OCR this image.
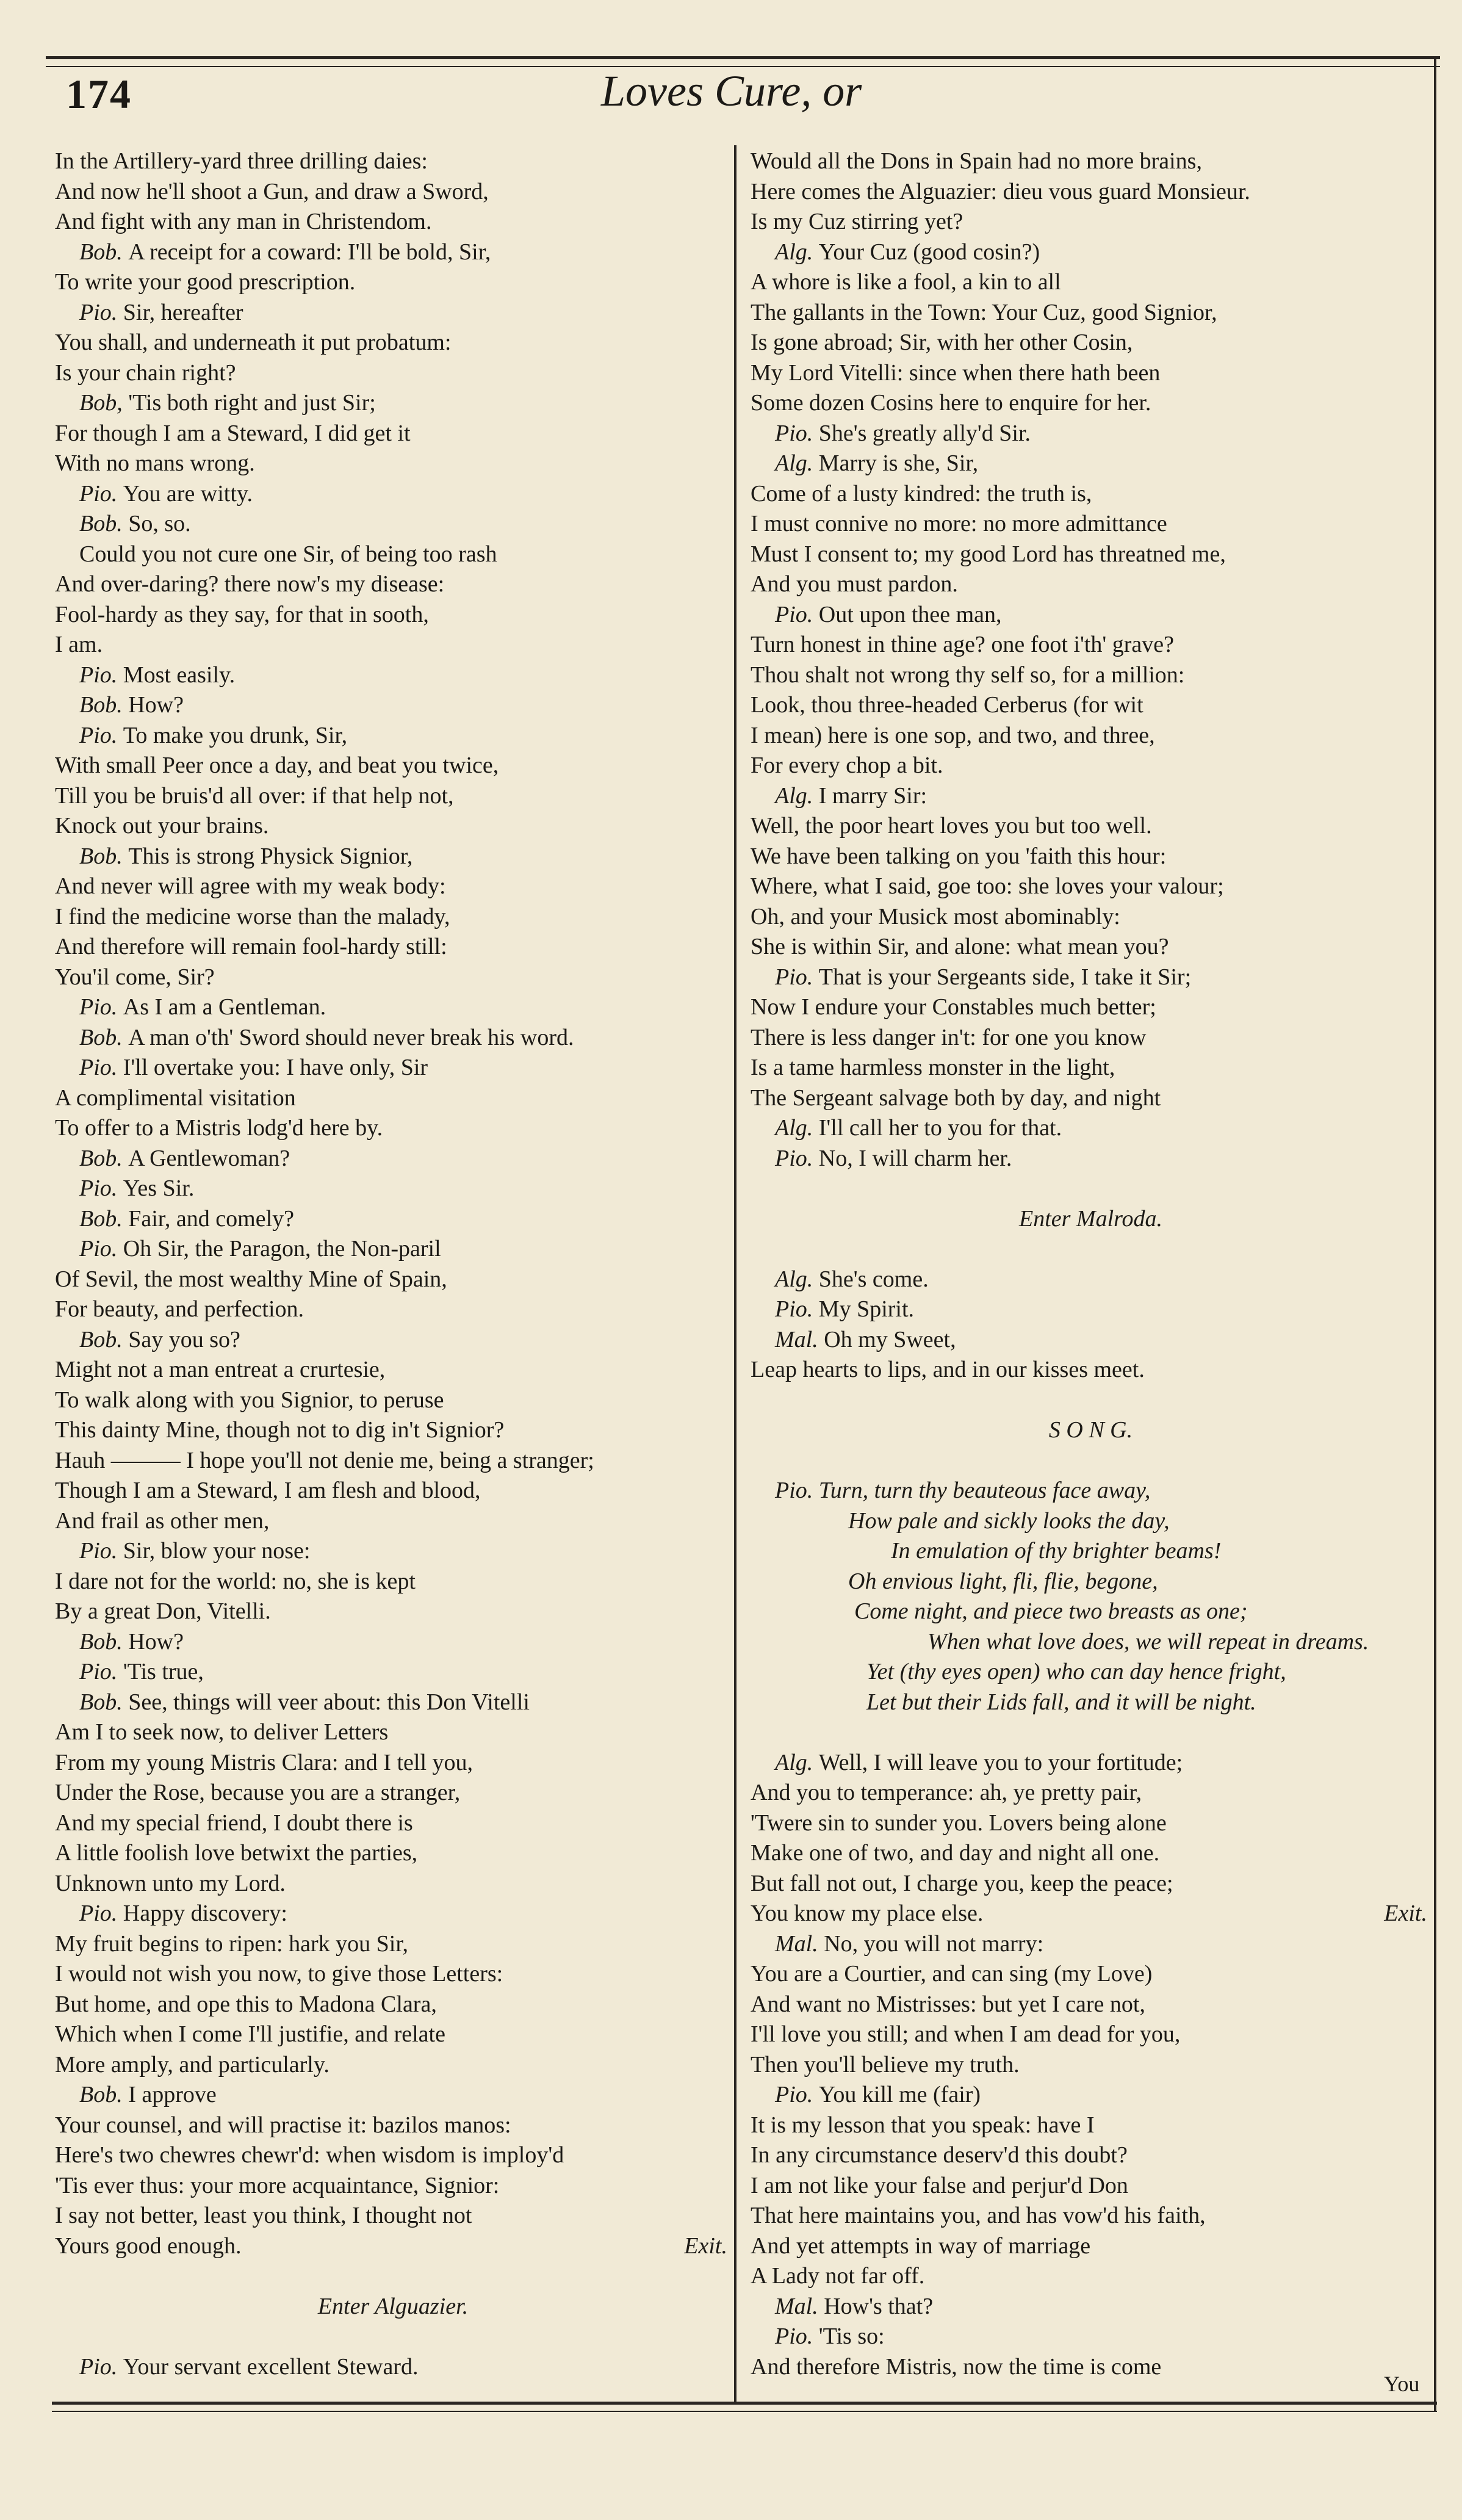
174	Loves Cure, or
In the Artillery-yard three drilling daies:
And now he'll shoot a Gun, and draw a Sword,
And fight with any man in Christendom.
Bob. A receipt for a coward: I'll be bold, Sir,
To write your good prescription.
Pio. Sir, hereafter
You shall, and underneath it put probatum:
Is your chain right?
Bob, 'Tis both right and just Sir;
For though I am a Steward, I did get it
With no mans wrong.
Pio. You are witty.
Bob. So, so.
Could you not cure one Sir, of being too rash
And over-daring? there now's my disease:
Fool-hardy as they say, for that in sooth,
I am.
Pio. Most easily.
Bob. How?
Pio. To make you drunk, Sir,
With small Peer once a day, and beat you twice,
Till you be bruis'd all over: if that help not,
Knock out your brains.
Bob. This is strong Physick Signior,
And never will agree with my weak body:
I find the medicine worse than the malady,
And therefore will remain fool-hardy still:
You'il come, Sir?
Pio. As I am a Gentleman.
Bob. A man o'th' Sword should never break his word.
Pio. I'll overtake you: I have only, Sir
A complimental visitation
To offer to a Mistris lodg'd here by.
Bob. A Gentlewoman?
Pio. Yes Sir.
Bob. Fair, and comely?
Pio. Oh Sir, the Paragon, the Non-paril
Of Sevil, the most wealthy Mine of Spain,
For beauty, and perfection.
Bob. Say you so?
Might not a man entreat a crurtesie,
To walk along with you Signior, to peruse
This dainty Mine, though not to dig in't Signior?
Hauh ——— I hope you'll not denie me, being a stranger;
Though I am a Steward, I am flesh and blood,
And frail as other men,
Pio. Sir, blow your nose:
I dare not for the world: no, she is kept
By a great Don, Vitelli.
Bob. How?
Pio. 'Tis true,
Bob. See, things will veer about: this Don Vitelli
Am I to seek now, to deliver Letters
From my young Mistris Clara: and I tell you,
Under the Rose, because you are a stranger,
And my special friend, I doubt there is
A little foolish love betwixt the parties,
Unknown unto my Lord.
Pio. Happy discovery:
My fruit begins to ripen: hark you Sir,
I would not wish you now, to give those Letters:
But home, and ope this to Madona Clara,
Which when I come I'll justifie, and relate
More amply, and particularly.
Bob. I approve
Your counsel, and will practise it: bazilos manos:
Here's two chewres chewr'd: when wisdom is imploy'd
'Tis ever thus: your more acquaintance, Signior:
I say not better, least you think, I thought not
Yours good enough.	Exit.
Enter Alguazier.
Pio. Your servant excellent Steward.
Would all the Dons in Spain had no more brains,
Here comes the Alguazier: dieu vous guard Monsieur.
Is my Cuz stirring yet?
Alg. Your Cuz (good cosin?)
A whore is like a fool, a kin to all
The gallants in the Town: Your Cuz, good Signior,
Is gone abroad; Sir, with her other Cosin,
My Lord Vitelli: since when there hath been
Some dozen Cosins here to enquire for her.
Pio. She's greatly ally'd Sir.
Alg. Marry is she, Sir,
Come of a lusty kindred: the truth is,
I must connive no more: no more admittance
Must I consent to; my good Lord has threatned me,
And you must pardon.
Pio. Out upon thee man,
Turn honest in thine age? one foot i'th' grave?
Thou shalt not wrong thy self so, for a million:
Look, thou three-headed Cerberus (for wit
I mean) here is one sop, and two, and three,
For every chop a bit.
Alg. I marry Sir:
Well, the poor heart loves you but too well.
We have been talking on you 'faith this hour:
Where, what I said, goe too: she loves your valour;
Oh, and your Musick most abominably:
She is within Sir, and alone: what mean you?
Pio. That is your Sergeants side, I take it Sir;
Now I endure your Constables much better;
There is less danger in't: for one you know
Is a tame harmless monster in the light,
The Sergeant salvage both by day, and night
Alg. I'll call her to you for that.
Pio. No, I will charm her.
Enter Malroda.
Alg. She's come.
Pio. My Spirit.
Mal. Oh my Sweet,
Leap hearts to lips, and in our kisses meet.
S O N G.
Pio. Turn, turn thy beauteous face away,
How pale and sickly looks the day,
In emulation of thy brighter beams!
Oh envious light, fli, flie, begone,
Come night, and piece two breasts as one;
When what love does, we will repeat in dreams.
Yet (thy eyes open) who can day hence fright,
Let but their Lids fall, and it will be night.
Alg. Well, I will leave you to your fortitude;
And you to temperance: ah, ye pretty pair,
'Twere sin to sunder you. Lovers being alone
Make one of two, and day and night all one.
But fall not out, I charge you, keep the peace;
You know my place else.	Exit.
Mal. No, you will not marry:
You are a Courtier, and can sing (my Love)
And want no Mistrisses: but yet I care not,
I'll love you still; and when I am dead for you,
Then you'll believe my truth.
Pio. You kill me (fair)
It is my lesson that you speak: have I
In any circumstance deserv'd this doubt?
I am not like your false and perjur'd Don
That here maintains you, and has vow'd his faith,
And yet attempts in way of marriage
A Lady not far off.
Mal. How's that?
Pio. 'Tis so:
And therefore Mistris, now the time is come
You
